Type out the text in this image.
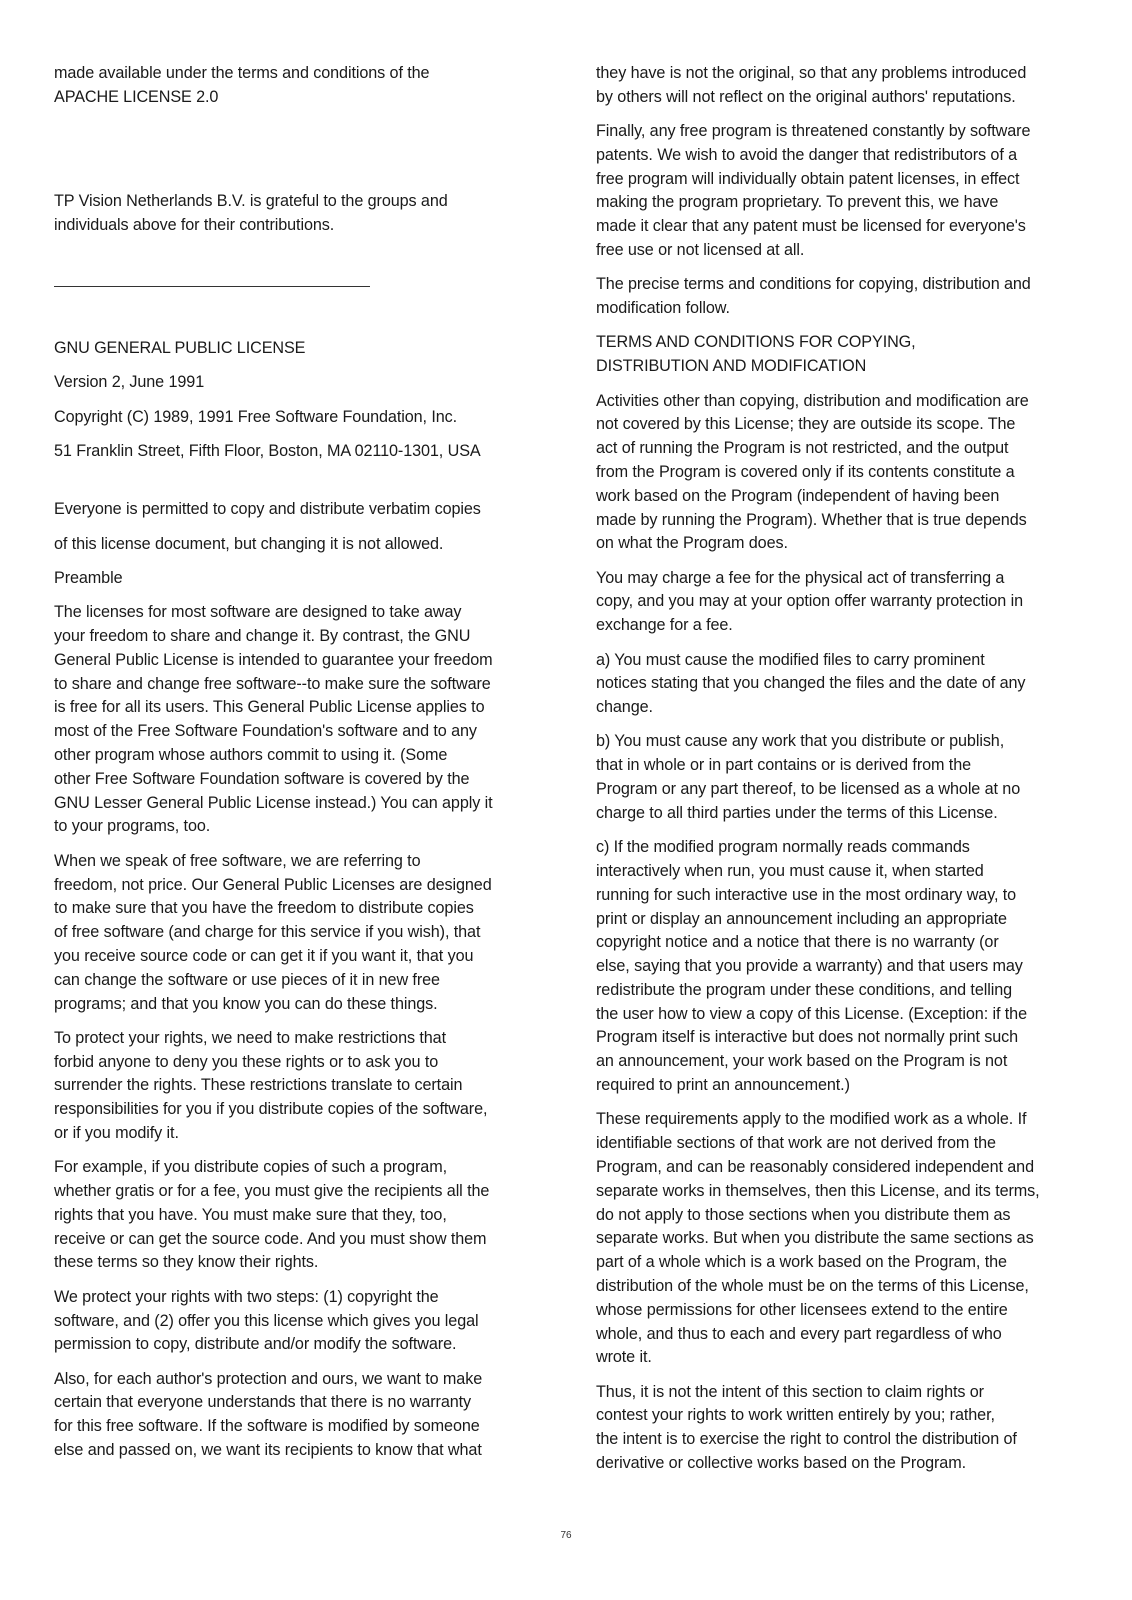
made available under the terms and conditions of the

APACHE LICENSE 2.0

TP Vision Netherlands B.V. is grateful to the groups and
individuals above for their contributions.

GNU GENERAL PUBLIC LICENSE

Version 2, June 1991

Copyright (C) 1989, 1991 Free Software Foundation, Inc.

51 Franklin Street, Fifth Floor, Boston, MA 02110-1301, USA

Everyone is permitted to copy and distribute verbatim copies

of this license document, but changing it is not allowed.

Preamble

The licenses for most software are designed to take away
your freedom to share and change it. By contrast, the GNU
General Public License is intended to guarantee your freedom
to share and change free software--to make sure the software
is free for all its users. This General Public License applies to
most of the Free Software Foundation's software and to any
other program whose authors commit to using it. (Some
other Free Software Foundation software is covered by the
GNU Lesser General Public License instead.) You can apply it
to your programs, too.

When we speak of free software, we are referring to
freedom, not price. Our General Public Licenses are designed
to make sure that you have the freedom to distribute copies
of free software (and charge for this service if you wish), that
you receive source code or can get it if you want it, that you
can change the software or use pieces of it in new free
programs; and that you know you can do these things.

To protect your rights, we need to make restrictions that
forbid anyone to deny you these rights or to ask you to
surrender the rights. These restrictions translate to certain
responsibilities for you if you distribute copies of the software,
or if you modify it.

For example, if you distribute copies of such a program,
whether gratis or for a fee, you must give the recipients all the
rights that you have. You must make sure that they, too,
receive or can get the source code. And you must show them
these terms so they know their rights.

We protect your rights with two steps: (1) copyright the
software, and (2) offer you this license which gives you legal
permission to copy, distribute and/or modify the software.

Also, for each author's protection and ours, we want to make
certain that everyone understands that there is no warranty
for this free software. If the software is modified by someone
else and passed on, we want its recipients to know that what

they have is not the original, so that any problems introduced
by others will not reflect on the original authors' reputations.

Finally, any free program is threatened constantly by software
patents. We wish to avoid the danger that redistributors of a
free program will individually obtain patent licenses, in effect
making the program proprietary. To prevent this, we have
made it clear that any patent must be licensed for everyone's
free use or not licensed at all.

The precise terms and conditions for copying, distribution and
modification follow.

TERMS AND CONDITIONS FOR COPYING,
DISTRIBUTION AND MODIFICATION

Activities other than copying, distribution and modification are
not covered by this License; they are outside its scope. The
act of running the Program is not restricted, and the output
from the Program is covered only if its contents constitute a
work based on the Program (independent of having been
made by running the Program). Whether that is true depends
on what the Program does.

You may charge a fee for the physical act of transferring a
copy, and you may at your option offer warranty protection in
exchange for a fee.

a) You must cause the modified files to carry prominent
notices stating that you changed the files and the date of any
change.

b) You must cause any work that you distribute or publish,
that in whole or in part contains or is derived from the
Program or any part thereof, to be licensed as a whole at no
charge to all third parties under the terms of this License.

c) If the modified program normally reads commands
interactively when run, you must cause it, when started
running for such interactive use in the most ordinary way, to
print or display an announcement including an appropriate
copyright notice and a notice that there is no warranty (or
else, saying that you provide a warranty) and that users may
redistribute the program under these conditions, and telling
the user how to view a copy of this License. (Exception: if the
Program itself is interactive but does not normally print such
an announcement, your work based on the Program is not
required to print an announcement.)

These requirements apply to the modified work as a whole. If
identifiable sections of that work are not derived from the
Program, and can be reasonably considered independent and
separate works in themselves, then this License, and its terms,
do not apply to those sections when you distribute them as
separate works. But when you distribute the same sections as
part of a whole which is a work based on the Program, the
distribution of the whole must be on the terms of this License,
whose permissions for other licensees extend to the entire
whole, and thus to each and every part regardless of who
wrote it.

Thus, it is not the intent of this section to claim rights or
contest your rights to work written entirely by you; rather,
the intent is to exercise the right to control the distribution of
derivative or collective works based on the Program.

76
